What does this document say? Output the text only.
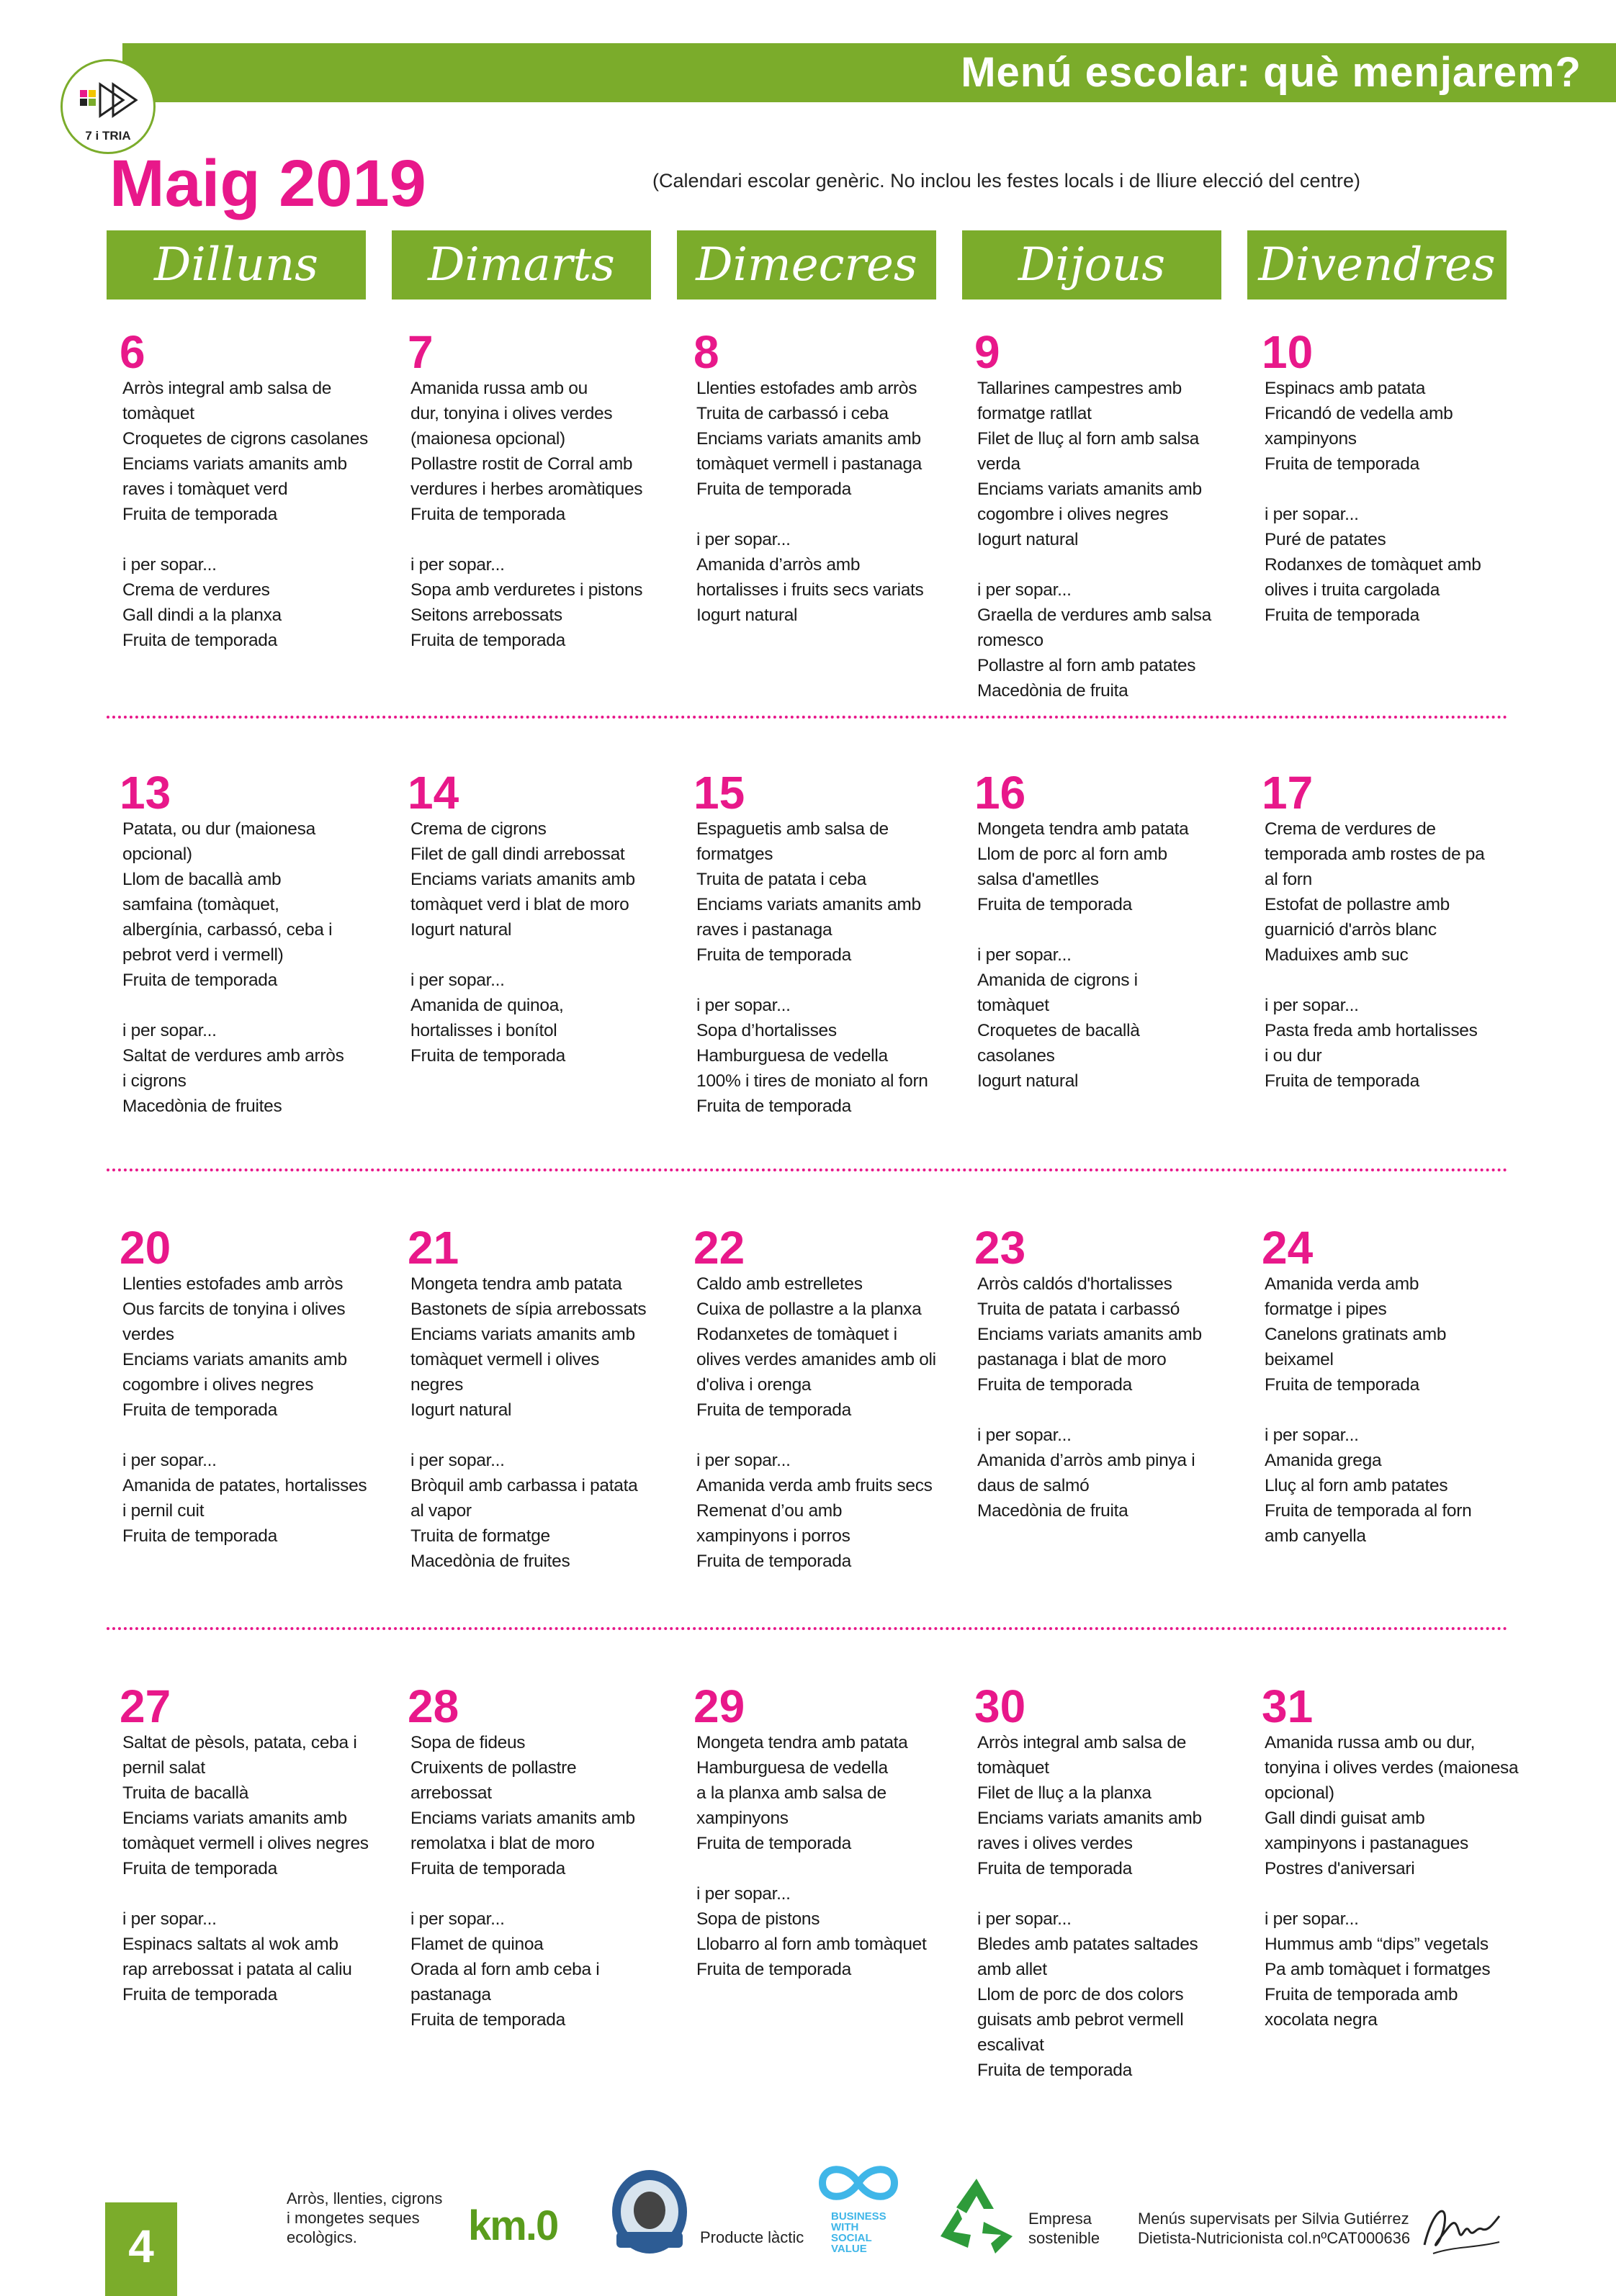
Menú escolar: què menjarem?
7 i TRIA
Maig 2019	(Calendari escolar genèric. No inclou les festes locals i de lliure elecció del centre)
Dilluns	Dimarts	Dimecres	Dijous	Divendres
6
Arròs integral amb salsa de
tomàquet
Croquetes de cigrons casolanes
Enciams variats amanits amb
raves i tomàquet verd
Fruita de temporada
i per sopar...
Crema de verdures
Gall dindi a la planxa
Fruita de temporada
7
Amanida russa amb ou
dur, tonyina i olives verdes
(maionesa opcional)
Pollastre rostit de Corral amb
verdures i herbes aromàtiques
Fruita de temporada
i per sopar...
Sopa amb verduretes i pistons
Seitons arrebossats
Fruita de temporada
8
Llenties estofades amb arròs
Truita de carbassó i ceba
Enciams variats amanits amb
tomàquet vermell i pastanaga
Fruita de temporada
i per sopar...
Amanida d’arròs amb
hortalisses i fruits secs variats
Iogurt natural
9
Tallarines campestres amb
formatge ratllat
Filet de lluç al forn amb salsa
verda
Enciams variats amanits amb
cogombre i olives negres
Iogurt natural
i per sopar...
Graella de verdures amb salsa
romesco
Pollastre al forn amb patates
Macedònia de fruita
10
Espinacs amb patata
Fricandó de vedella amb
xampinyons
Fruita de temporada
i per sopar...
Puré de patates
Rodanxes de tomàquet amb
olives i truita cargolada
Fruita de temporada
13
Patata, ou dur (maionesa
opcional)
Llom de bacallà amb
samfaina (tomàquet,
albergínia, carbassó, ceba i
pebrot verd i vermell)
Fruita de temporada
i per sopar...
Saltat de verdures amb arròs
i cigrons
Macedònia de fruites
14
Crema de cigrons
Filet de gall dindi arrebossat
Enciams variats amanits amb
tomàquet verd i blat de moro
Iogurt natural
i per sopar...
Amanida de quinoa,
hortalisses i bonítol
Fruita de temporada
15
Espaguetis amb salsa de
formatges
Truita de patata i ceba
Enciams variats amanits amb
raves i pastanaga
Fruita de temporada
i per sopar...
Sopa d’hortalisses
Hamburguesa de vedella
100% i tires de moniato al forn
Fruita de temporada
16
Mongeta tendra amb patata
Llom de porc al forn amb
salsa d'ametlles
Fruita de temporada
i per sopar...
Amanida de cigrons i
tomàquet
Croquetes de bacallà
casolanes
Iogurt natural
17
Crema de verdures de
temporada amb rostes de pa
al forn
Estofat de pollastre amb
guarnició d'arròs blanc
Maduixes amb suc
i per sopar...
Pasta freda amb hortalisses
i ou dur
Fruita de temporada
20
Llenties estofades amb arròs
Ous farcits de tonyina i olives
verdes
Enciams variats amanits amb
cogombre i olives negres
Fruita de temporada
i per sopar...
Amanida de patates, hortalisses
i pernil cuit
Fruita de temporada
21
Mongeta tendra amb patata
Bastonets de sípia arrebossats
Enciams variats amanits amb
tomàquet vermell i olives
negres
Iogurt natural
i per sopar...
Bròquil amb carbassa i patata
al vapor
Truita de formatge
Macedònia de fruites
22
Caldo amb estrelletes
Cuixa de pollastre a la planxa
Rodanxetes de tomàquet i
olives verdes amanides amb oli
d'oliva i orenga
Fruita de temporada
i per sopar...
Amanida verda amb fruits secs
Remenat d’ou amb
xampinyons i porros
Fruita de temporada
23
Arròs caldós d'hortalisses
Truita de patata i carbassó
Enciams variats amanits amb
pastanaga i blat de moro
Fruita de temporada
i per sopar...
Amanida d’arròs amb pinya i
daus de salmó
Macedònia de fruita
24
Amanida verda amb
formatge i pipes
Canelons gratinats amb
beixamel
Fruita de temporada
i per sopar...
Amanida grega
Lluç al forn amb patates
Fruita de temporada al forn
amb canyella
27
Saltat de pèsols, patata, ceba i
pernil salat
Truita de bacallà
Enciams variats amanits amb
tomàquet vermell i olives negres
Fruita de temporada
i per sopar...
Espinacs saltats al wok amb
rap arrebossat i patata al caliu
Fruita de temporada
28
Sopa de fideus
Cruixents de pollastre
arrebossat
Enciams variats amanits amb
remolatxa i blat de moro
Fruita de temporada
i per sopar...
Flamet de quinoa
Orada al forn amb ceba i
pastanaga
Fruita de temporada
29
Mongeta tendra amb patata
Hamburguesa de vedella
a la planxa amb salsa de
xampinyons
Fruita de temporada
i per sopar...
Sopa de pistons
Llobarro al forn amb tomàquet
Fruita de temporada
30
Arròs integral amb salsa de
tomàquet
Filet de lluç a la planxa
Enciams variats amanits amb
raves i olives verdes
Fruita de temporada
i per sopar...
Bledes amb patates saltades
amb allet
Llom de porc de dos colors
guisats amb pebrot vermell
escalivat
Fruita de temporada
31
Amanida russa amb ou dur,
tonyina i olives verdes (maionesa
opcional)
Gall dindi guisat amb
xampinyons i pastanagues
Postres d'aniversari
i per sopar...
Hummus amb “dips” vegetals
Pa amb tomàquet i formatges
Fruita de temporada amb
xocolata negra
4
Arròs, llenties, cigrons
i mongetes seques
ecològics.	km.0	Producte làctic
BUSINESS
WITH
SOCIAL
VALUE
Empresa
sostenible
Menús supervisats per Silvia Gutiérrez
Dietista-Nutricionista col.nºCAT000636
